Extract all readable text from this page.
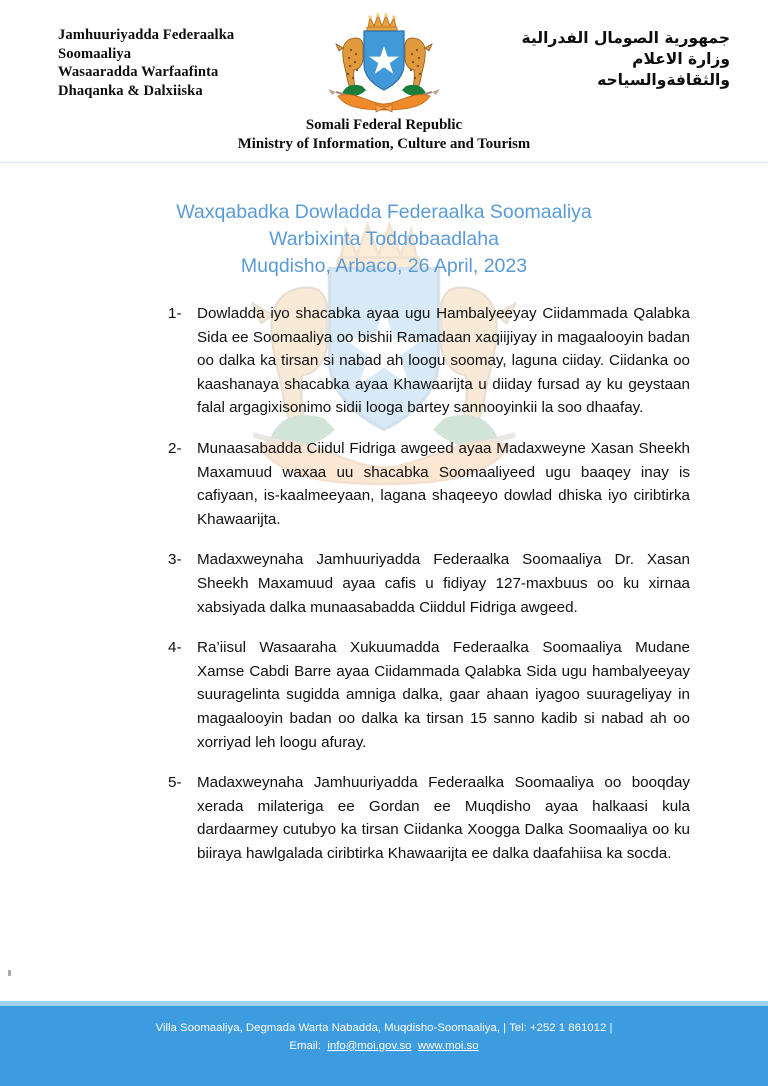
Jamhuuriyadda Federaalka
Soomaaliya
Wasaaradda Warfaafinta
Dhaqanka & Dalxiiska
جمهورية الصومال الفدرالية
وزارة الاعلام
والثقافةوالسياحه
Somali Federal Republic
Ministry of Information, Culture and Tourism
Waxqabadka Dowladda Federaalka Soomaaliya
Warbixinta Toddobaadlaha
Muqdisho, Arbaco, 26 April, 2023
1-	Dowladda iyo shacabka ayaa ugu Hambalyeeyay Ciidammada Qalabka Sida ee Soomaaliya oo bishii Ramadaan xaqiijiyay in magaalooyin badan oo dalka ka tirsan si nabad ah loogu soomay, laguna ciiday. Ciidanka oo kaashanaya shacabka ayaa Khawaarijta u diiday fursad ay ku geystaan falal argagixisonimo sidii looga bartey sannooyinkii la soo dhaafay.
2-	Munaasabadda Ciidul Fidriga awgeed ayaa Madaxweyne Xasan Sheekh Maxamuud waxaa uu shacabka Soomaaliyeed ugu baaqey inay is cafiyaan, is-kaalmeeyaan, lagana shaqeeyo dowlad dhiska iyo ciribtirka Khawaarijta.
3-	Madaxweynaha Jamhuuriyadda Federaalka Soomaaliya Dr. Xasan Sheekh Maxamuud ayaa cafis u fidiyay 127-maxbuus oo ku xirnaa xabsiyada dalka munaasabadda Ciiddul Fidriga awgeed.
4-	Ra’iisul Wasaaraha Xukuumadda Federaalka Soomaaliya Mudane Xamse Cabdi Barre ayaa Ciidammada Qalabka Sida ugu hambalyeeyay suuragelinta sugidda amniga dalka, gaar ahaan iyagoo suurageliyay in magaalooyin badan oo dalka ka tirsan 15 sanno kadib si nabad ah oo xorriyad leh loogu afuray.
5-	Madaxweynaha Jamhuuriyadda Federaalka Soomaaliya oo booqday xerada milateriga ee Gordan ee Muqdisho ayaa halkaasi kula dardaarmey cutubyo ka tirsan Ciidanka Xoogga Dalka Soomaaliya oo ku biiraya hawlgalada ciribtirka Khawaarijta ee dalka daafahiisa ka socda.
Villa Soomaaliya, Degmada Warta Nabadda, Muqdisho-Soomaaliya, | Tel: +252 1 861012 |
Email: info@moi.gov.so www.moi.so
